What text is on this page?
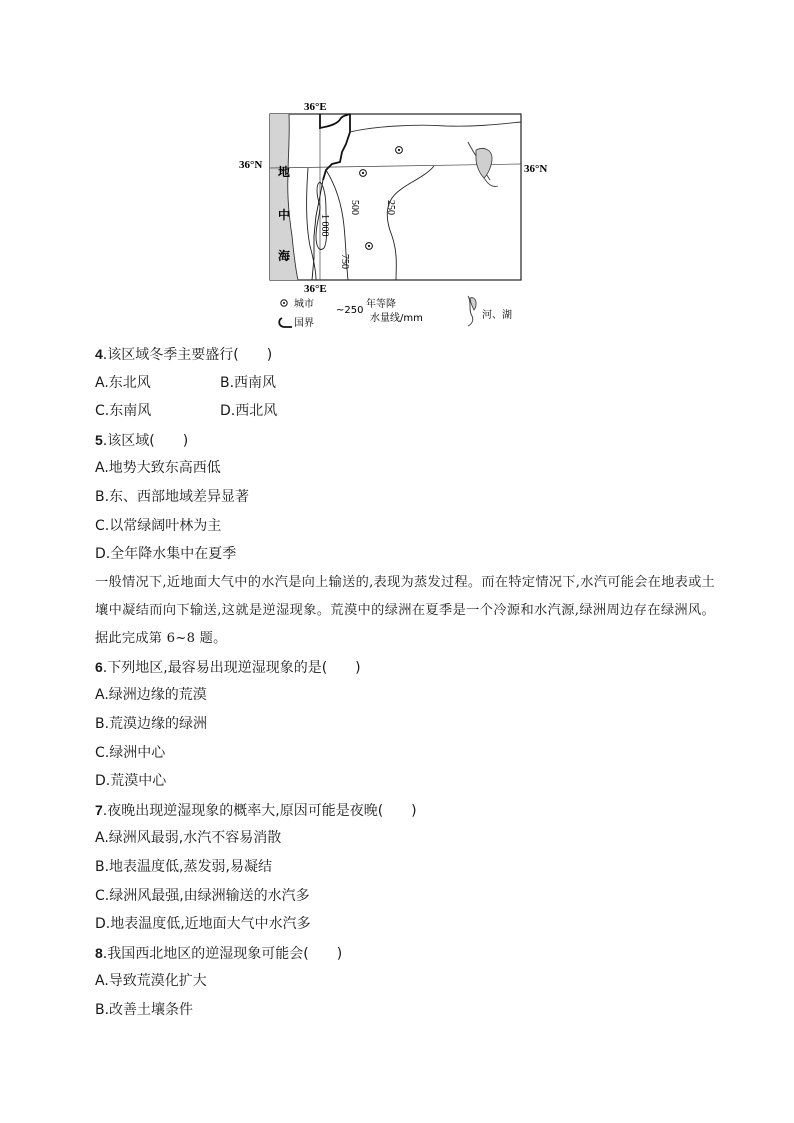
36°E
36°E
36°N	36°N
地
中
海
1 000
500
750
250
城市
国界
~250
年等降
水量线/mm	河、湖
4.该区域冬季主要盛行( )
A.东北风	B.西南风
C.东南风	D.西北风
5.该区域( )
A.地势大致东高西低
B.东、西部地域差异显著
C.以常绿阔叶林为主
D.全年降水集中在夏季

一般情况下,近地面大气中的水汽是向上输送的,表现为蒸发过程。而在特定情况下,水汽可能会在地表或土壤中凝结而向下输送,这就是逆湿现象。荒漠中的绿洲在夏季是一个冷源和水汽源,绿洲周边存在绿洲风。据此完成第 6~8 题。

6.下列地区,最容易出现逆湿现象的是( )
A.绿洲边缘的荒漠
B.荒漠边缘的绿洲
C.绿洲中心
D.荒漠中心
7.夜晚出现逆湿现象的概率大,原因可能是夜晚( )
A.绿洲风最弱,水汽不容易消散
B.地表温度低,蒸发弱,易凝结
C.绿洲风最强,由绿洲输送的水汽多
D.地表温度低,近地面大气中水汽多
8.我国西北地区的逆湿现象可能会( )
A.导致荒漠化扩大
B.改善土壤条件
